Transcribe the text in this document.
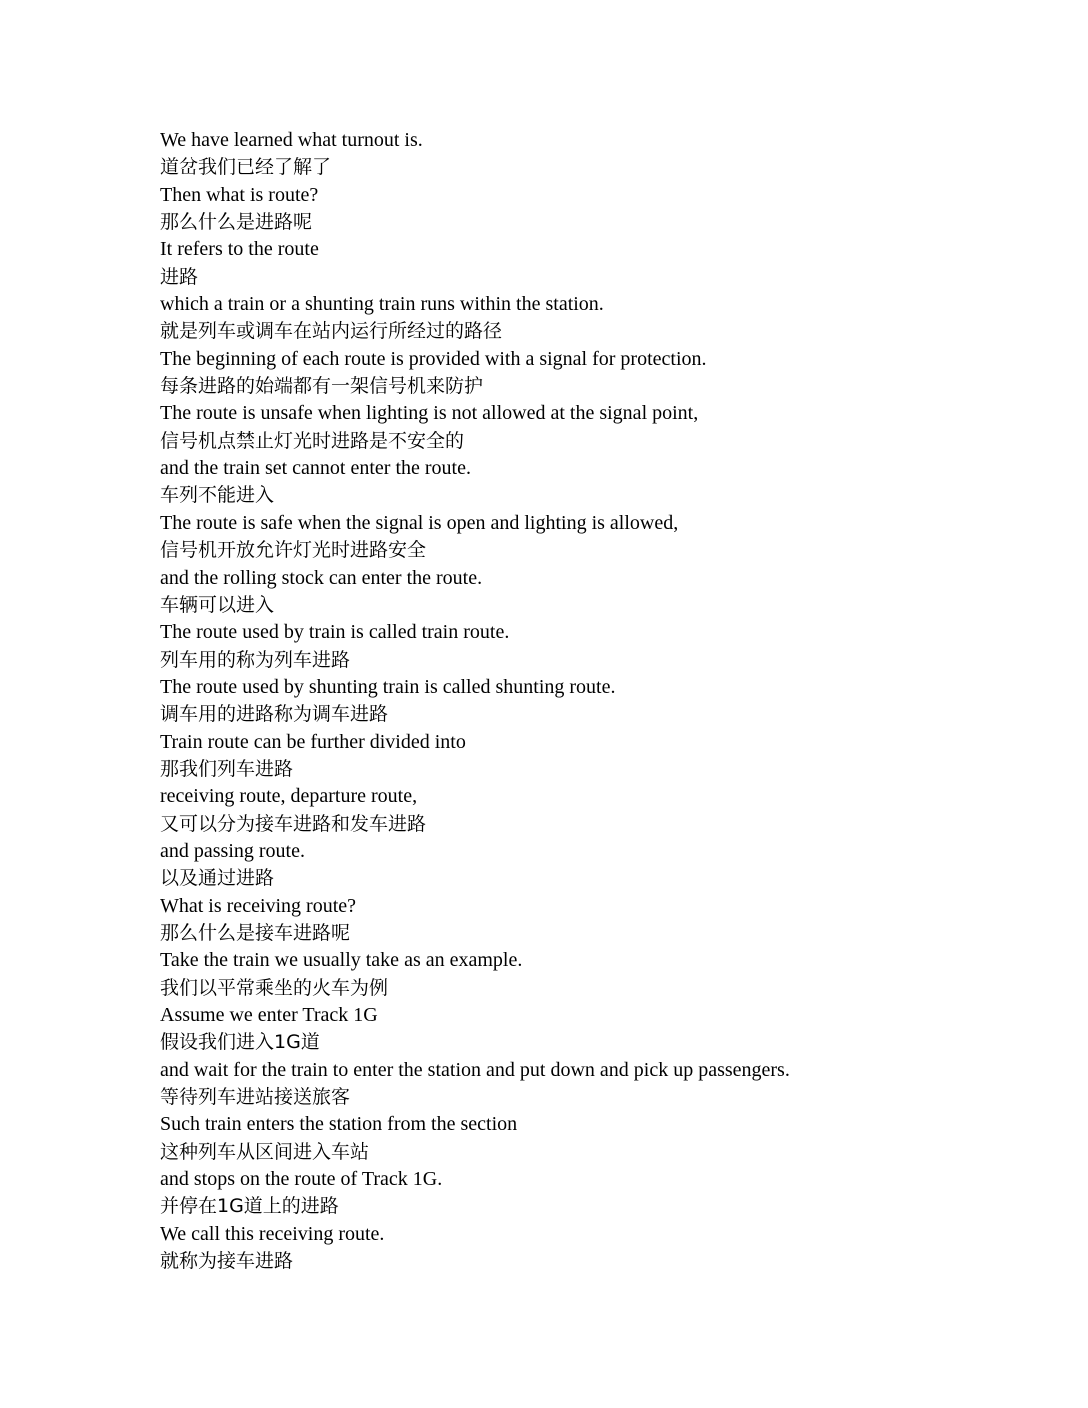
We have learned what turnout is.
道岔我们已经了解了
Then what is route?
那么什么是进路呢
It refers to the route
进路
which a train or a shunting train runs within the station.
就是列车或调车在站内运行所经过的路径
The beginning of each route is provided with a signal for protection.
每条进路的始端都有一架信号机来防护
The route is unsafe when lighting is not allowed at the signal point,
信号机点禁止灯光时进路是不安全的
and the train set cannot enter the route.
车列不能进入
The route is safe when the signal is open and lighting is allowed,
信号机开放允许灯光时进路安全
and the rolling stock can enter the route.
车辆可以进入
The route used by train is called train route.
列车用的称为列车进路
The route used by shunting train is called shunting route.
调车用的进路称为调车进路
Train route can be further divided into
那我们列车进路
receiving route, departure route,
又可以分为接车进路和发车进路
and passing route.
以及通过进路
What is receiving route?
那么什么是接车进路呢
Take the train we usually take as an example.
我们以平常乘坐的火车为例
Assume we enter Track 1G
假设我们进入1G道
and wait for the train to enter the station and put down and pick up passengers.
等待列车进站接送旅客
Such train enters the station from the section
这种列车从区间进入车站
and stops on the route of Track 1G.
并停在1G道上的进路
We call this receiving route.
就称为接车进路
